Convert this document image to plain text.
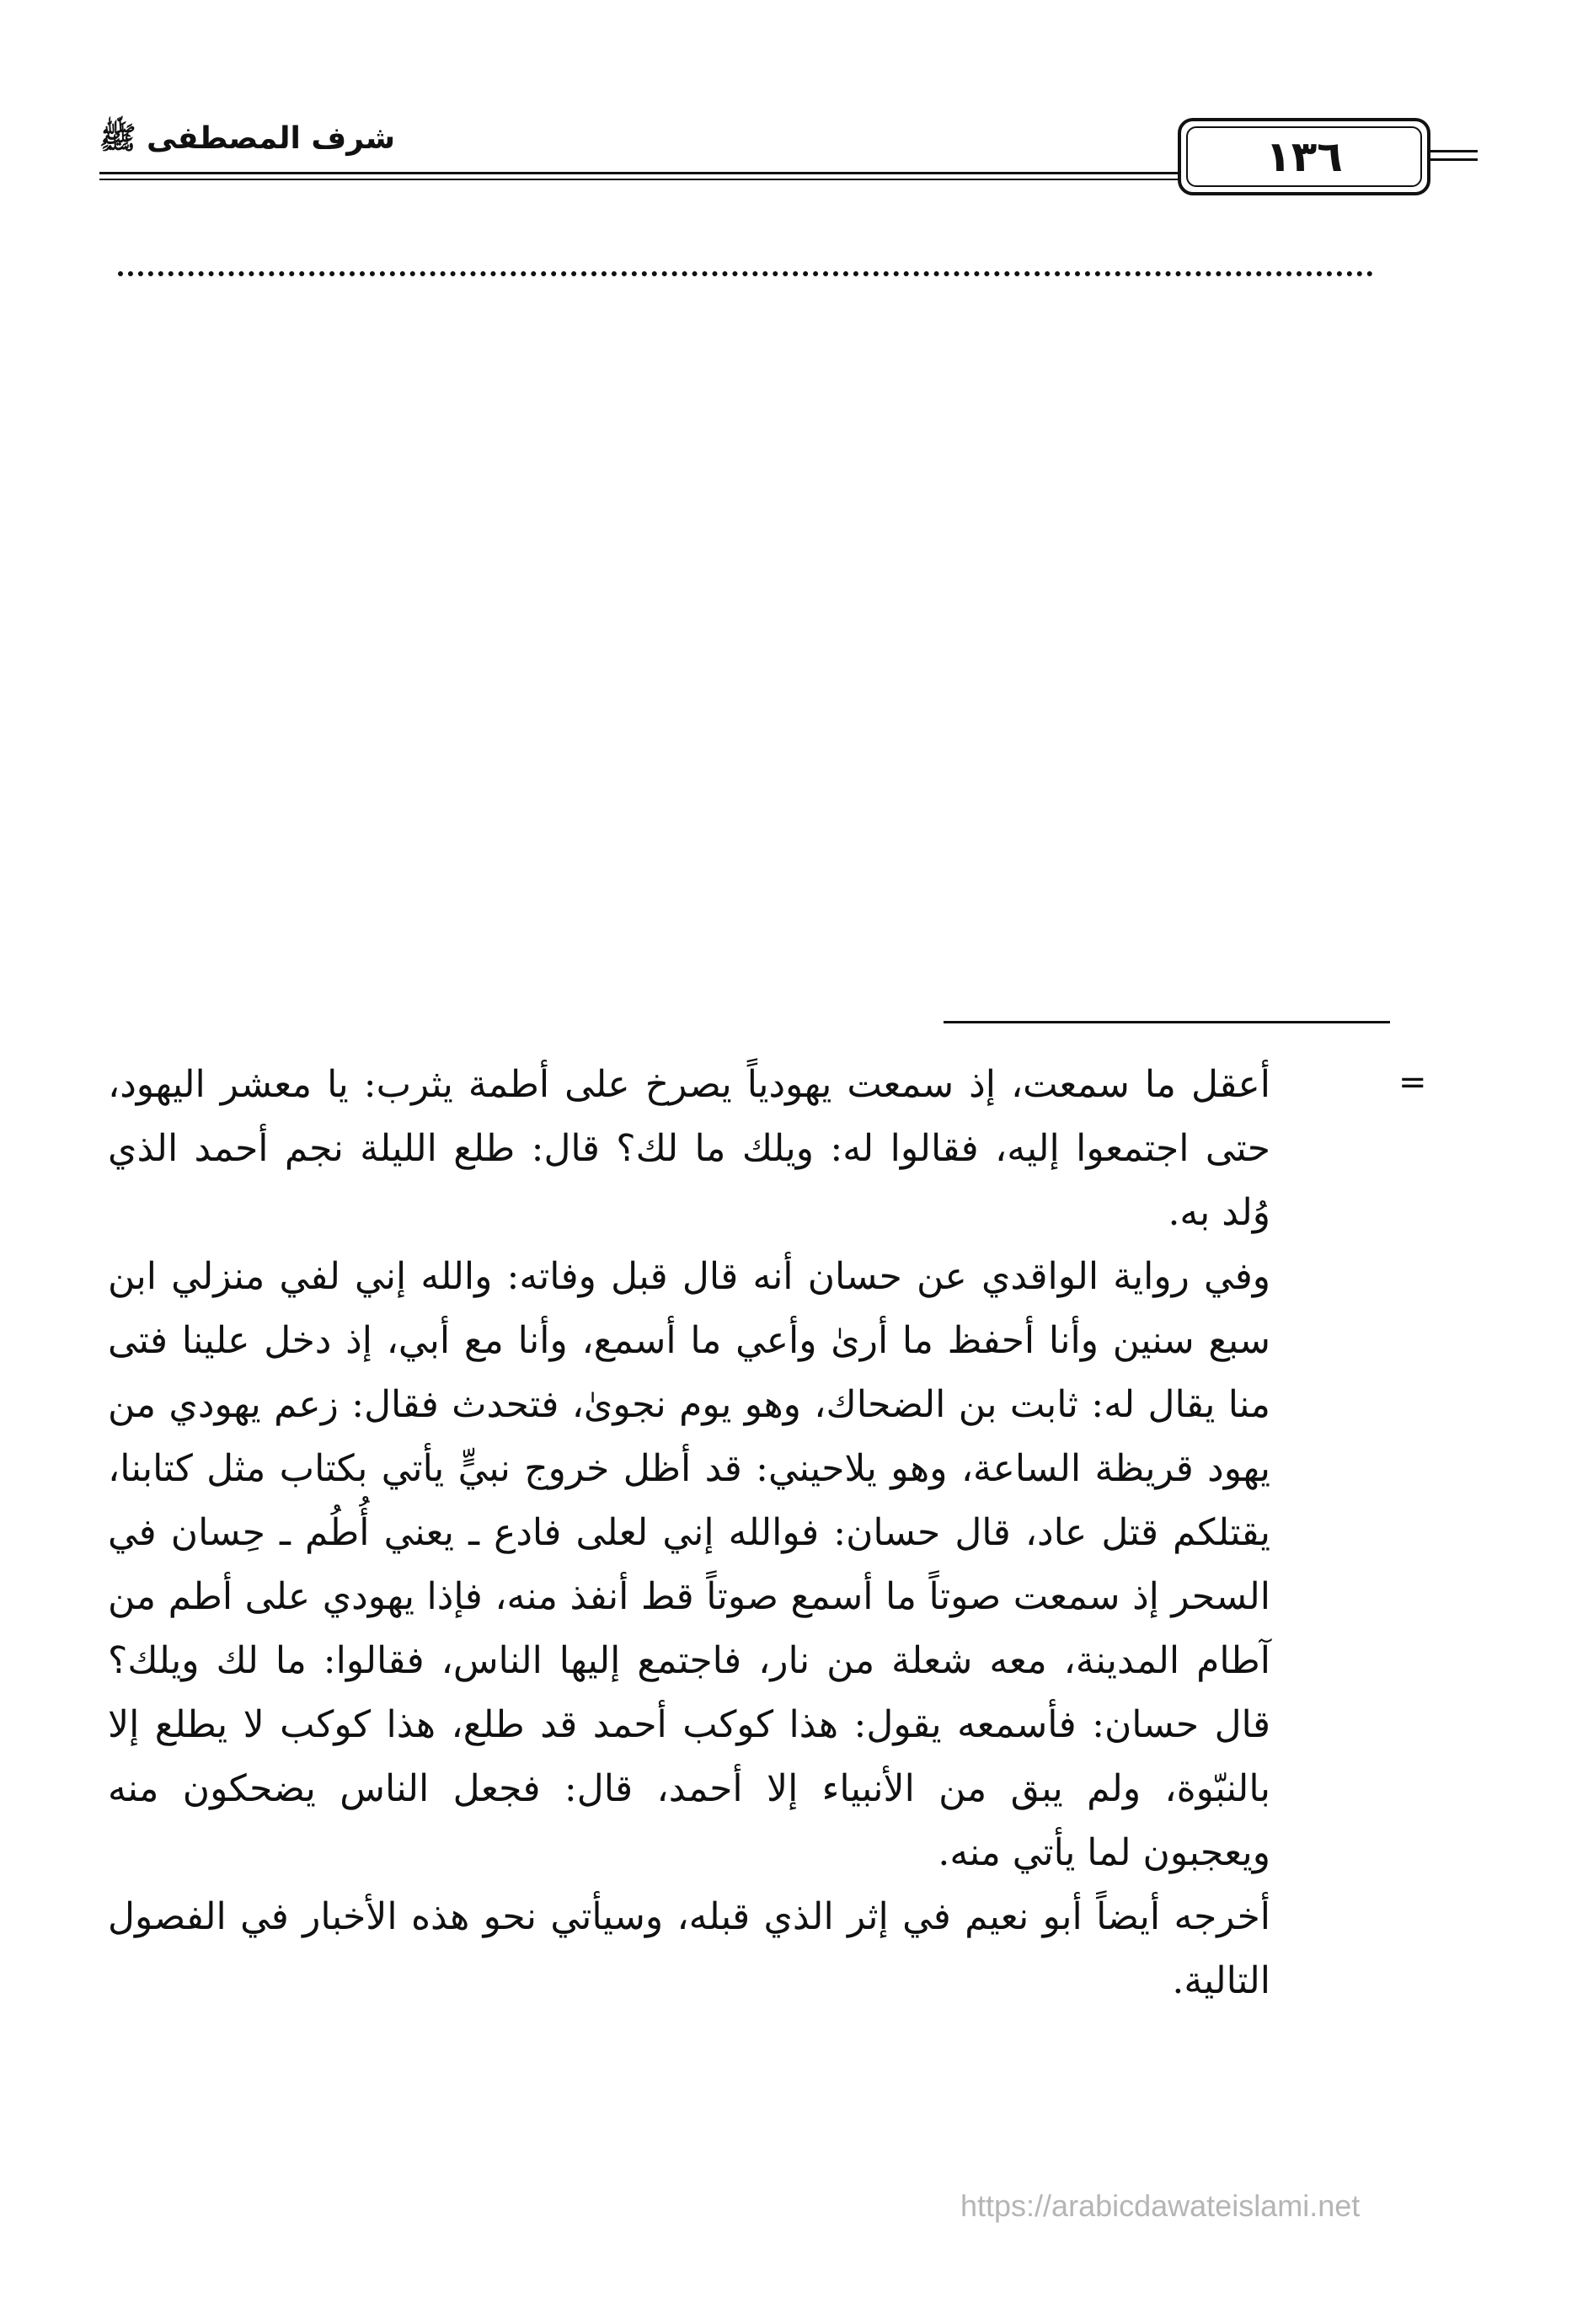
شرف المصطفى ﷺ	١٣٦
=

أعقل ما سمعت، إذ سمعت يهودياً يصرخ على أطمة يثرب: يا معشر اليهود، حتى اجتمعوا إليه، فقالوا له: ويلك ما لك؟ قال: طلع الليلة نجم أحمد الذي وُلد به.

وفي رواية الواقدي عن حسان أنه قال قبل وفاته: والله إني لفي منزلي ابن سبع سنين وأنا أحفظ ما أرىٰ وأعي ما أسمع، وأنا مع أبي، إذ دخل علينا فتى منا يقال له: ثابت بن الضحاك، وهو يوم نجوىٰ، فتحدث فقال: زعم يهودي من يهود قريظة الساعة، وهو يلاحيني: قد أظل خروج نبيٍّ يأتي بكتاب مثل كتابنا، يقتلكم قتل عاد، قال حسان: فوالله إني لعلى فادع ـ يعني أُطُم ـ حِسان في السحر إذ سمعت صوتاً ما أسمع صوتاً قط أنفذ منه، فإذا يهودي على أطم من آطام المدينة، معه شعلة من نار، فاجتمع إليها الناس، فقالوا: ما لك ويلك؟ قال حسان: فأسمعه يقول: هذا كوكب أحمد قد طلع، هذا كوكب لا يطلع إلا بالنبّوة، ولم يبق من الأنبياء إلا أحمد، قال: فجعل الناس يضحكون منه ويعجبون لما يأتي منه.

أخرجه أيضاً أبو نعيم في إثر الذي قبله، وسيأتي نحو هذه الأخبار في الفصول التالية.

https://arabicdawateislami.net
